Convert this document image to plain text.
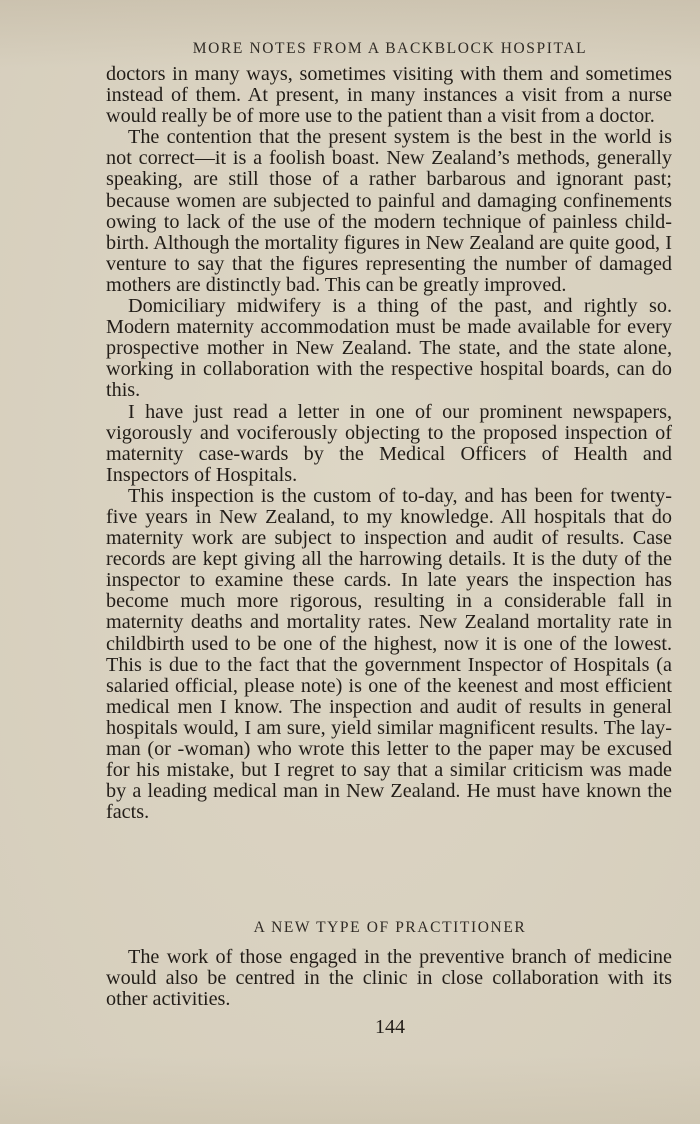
MORE NOTES FROM A BACKBLOCK HOSPITAL

doctors in many ways, sometimes visiting with them and sometimes instead of them. At present, in many instances a visit from a nurse would really be of more use to the patient than a visit from a doctor.

The contention that the present system is the best in the world is not correct—it is a foolish boast. New Zealand’s methods, generally speaking, are still those of a rather barbarous and ignorant past; because women are subjected to painful and damaging confinements owing to lack of the use of the modern technique of painless child-birth. Although the mortality figures in New Zealand are quite good, I venture to say that the figures representing the number of damaged mothers are distinctly bad. This can be greatly improved.

Domiciliary midwifery is a thing of the past, and rightly so. Modern maternity accommodation must be made available for every prospective mother in New Zealand. The state, and the state alone, working in collaboration with the respective hospital boards, can do this.

I have just read a letter in one of our prominent newspapers, vigorously and vociferously objecting to the proposed inspection of maternity case-wards by the Medical Officers of Health and Inspectors of Hospitals.

This inspection is the custom of to-day, and has been for twenty-five years in New Zealand, to my knowledge. All hospitals that do maternity work are subject to inspection and audit of results. Case records are kept giving all the harrowing details. It is the duty of the inspector to examine these cards. In late years the inspection has become much more rigorous, resulting in a considerable fall in maternity deaths and mortality rates. New Zealand mortality rate in childbirth used to be one of the highest, now it is one of the lowest. This is due to the fact that the government Inspector of Hospitals (a salaried official, please note) is one of the keenest and most efficient medical men I know. The inspection and audit of results in general hospitals would, I am sure, yield similar magnificent results. The lay-man (or -woman) who wrote this letter to the paper may be excused for his mistake, but I regret to say that a similar criticism was made by a leading medical man in New Zealand. He must have known the facts.

A NEW TYPE OF PRACTITIONER

The work of those engaged in the preventive branch of medicine would also be centred in the clinic in close collaboration with its other activities.

144
